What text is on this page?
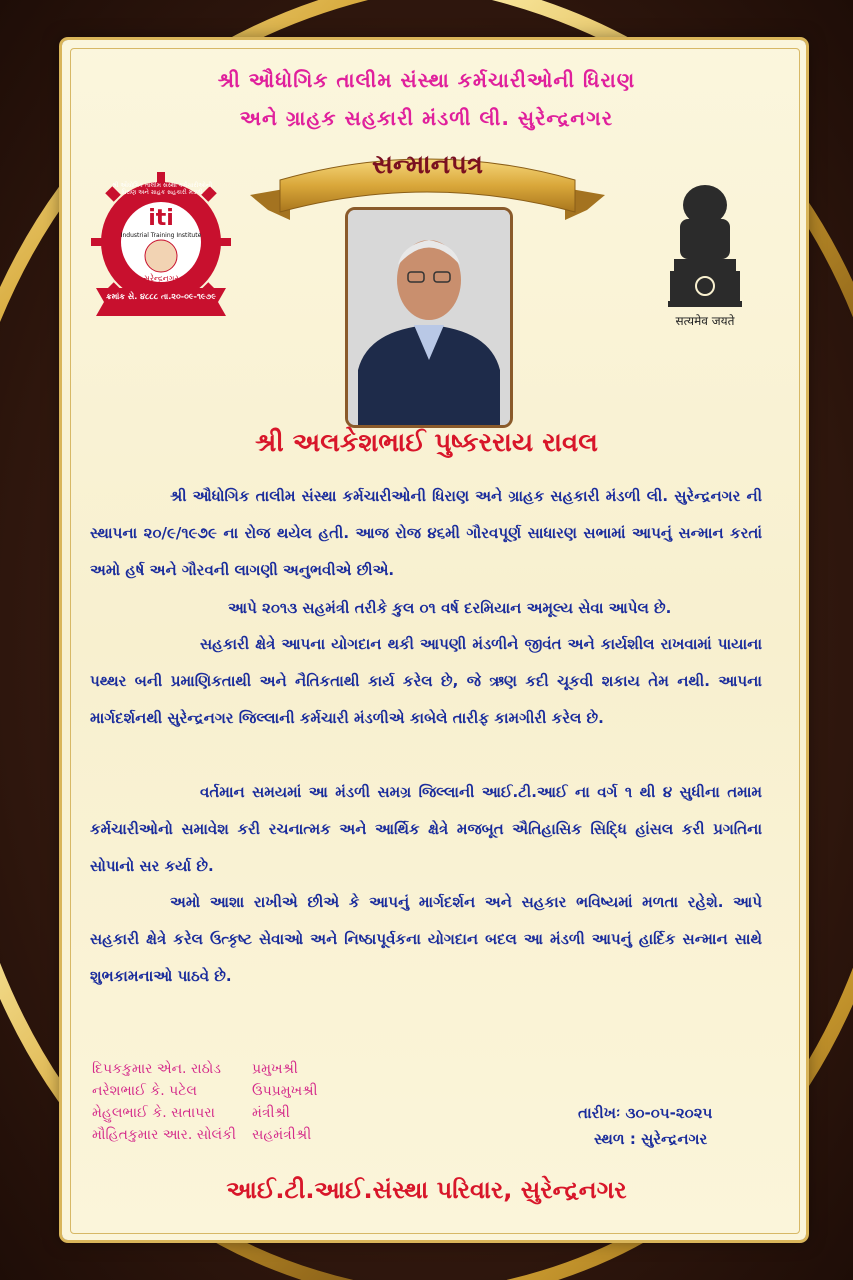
શ્રી ઔધોગિક તાલીમ સંસ્થા કર્મચારીઓની ધિરાણ
અને ગ્રાહક સહકારી મંડળી લી. સુરેન્દ્રનગર
સન્માનપત્ર
શ્રી ઔધોગિક તાલીમ સંસ્થા કર્મચારીઓની ધિરાણ અને ગ્રાહક સહકારી મંડળી
iti
Industrial Training Institute
સુરેન્દ્રનગર
ક્રમાંક સે. ૪૮૮૮ તા.૨૦-૦૯-૧૯૭૯
सत्यमेव जयते
શ્રી અલકેશભાઈ પુષ્કરરાય રાવલ
શ્રી ઔધોગિક તાલીમ સંસ્થા કર્મચારીઓની ધિરાણ અને ગ્રાહક સહકારી મંડળી લી. સુરેન્દ્રનગર ની સ્થાપના ૨૦/૯/૧૯૭૯ ના રોજ થયેલ હતી. આજ રોજ ૪૬મી ગૌરવપૂર્ણ સાધારણ સભામાં આપનું સન્માન કરતાં અમો હર્ષ અને ગૌરવની લાગણી અનુભવીએ છીએ.
આપે ૨૦૧૩ સહમંત્રી તરીકે કુલ ૦૧ વર્ષ દરમિયાન અમૂલ્ય સેવા આપેલ છે.
સહકારી ક્ષેત્રે આપના યોગદાન થકી આપણી મંડળીને જીવંત અને કાર્યશીલ રાખવામાં પાયાના પથ્થર બની પ્રમાણિકતાથી અને નૈતિકતાથી કાર્ય કરેલ છે, જે ઋણ કદી ચૂકવી શકાય તેમ નથી. આપના માર્ગદર્શનથી સુરેન્દ્રનગર જિલ્લાની કર્મચારી મંડળીએ કાબેલે તારીફ કામગીરી કરેલ છે.
વર્તમાન સમયમાં આ મંડળી સમગ્ર જિલ્લાની આઈ.ટી.આઈ ના વર્ગ ૧ થી ૪ સુધીના તમામ કર્મચારીઓનો સમાવેશ કરી રચનાત્મક અને આર્થિક ક્ષેત્રે મજબૂત ઐતિહાસિક સિદ્ધિ હાંસલ કરી પ્રગતિના સોપાનો સર કર્યા છે.
અમો આશા રાખીએ છીએ કે આપનું માર્ગદર્શન અને સહકાર ભવિષ્યમાં મળતા રહેશે. આપે સહકારી ક્ષેત્રે કરેલ ઉત્કૃષ્ટ સેવાઓ અને નિષ્ઠાપૂર્વકના યોગદાન બદલ આ મંડળી આપનું હાર્દિક સન્માન સાથે શુભકામનાઓ પાઠવે છે.
દિપકકુમાર એન. રાઠોડ	પ્રમુખશ્રી
નરેશભાઈ કે. પટેલ	ઉપપ્રમુખશ્રી
મેહુલભાઈ કે. સતાપરા	મંત્રીશ્રી
મૌહિતકુમાર આર. સોલંકી	સહમંત્રીશ્રી
તારીખઃ ૩૦-૦૫-૨૦૨૫
સ્થળ : સુરેન્દ્રનગર
આઈ.ટી.આઈ.સંસ્થા પરિવાર, સુરેન્દ્રનગર
